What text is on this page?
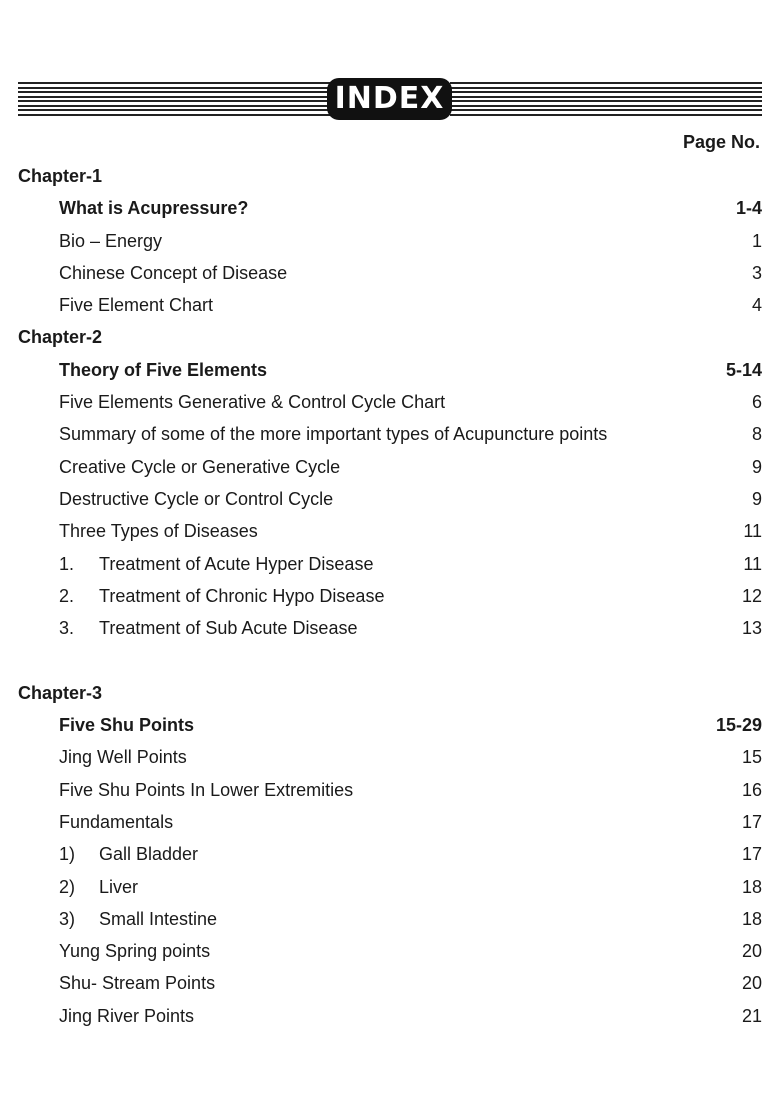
INDEX
Page No.
Chapter-1
What is Acupressure?	1-4
Bio – Energy	1
Chinese Concept of Disease	3
Five Element Chart	4
Chapter-2
Theory of Five Elements	5-14
Five Elements Generative & Control Cycle Chart	6
Summary of some of the more important types of Acupuncture points	8
Creative Cycle or Generative Cycle	9
Destructive Cycle or Control Cycle	9
Three Types of Diseases	11
1. Treatment of Acute Hyper Disease	11
2. Treatment of Chronic Hypo Disease	12
3. Treatment of Sub Acute Disease	13
Chapter-3
Five Shu Points	15-29
Jing Well Points	15
Five Shu Points In Lower Extremities	16
Fundamentals	17
1) Gall Bladder	17
2) Liver	18
3) Small Intestine	18
Yung Spring points	20
Shu- Stream Points	20
Jing River Points	21
